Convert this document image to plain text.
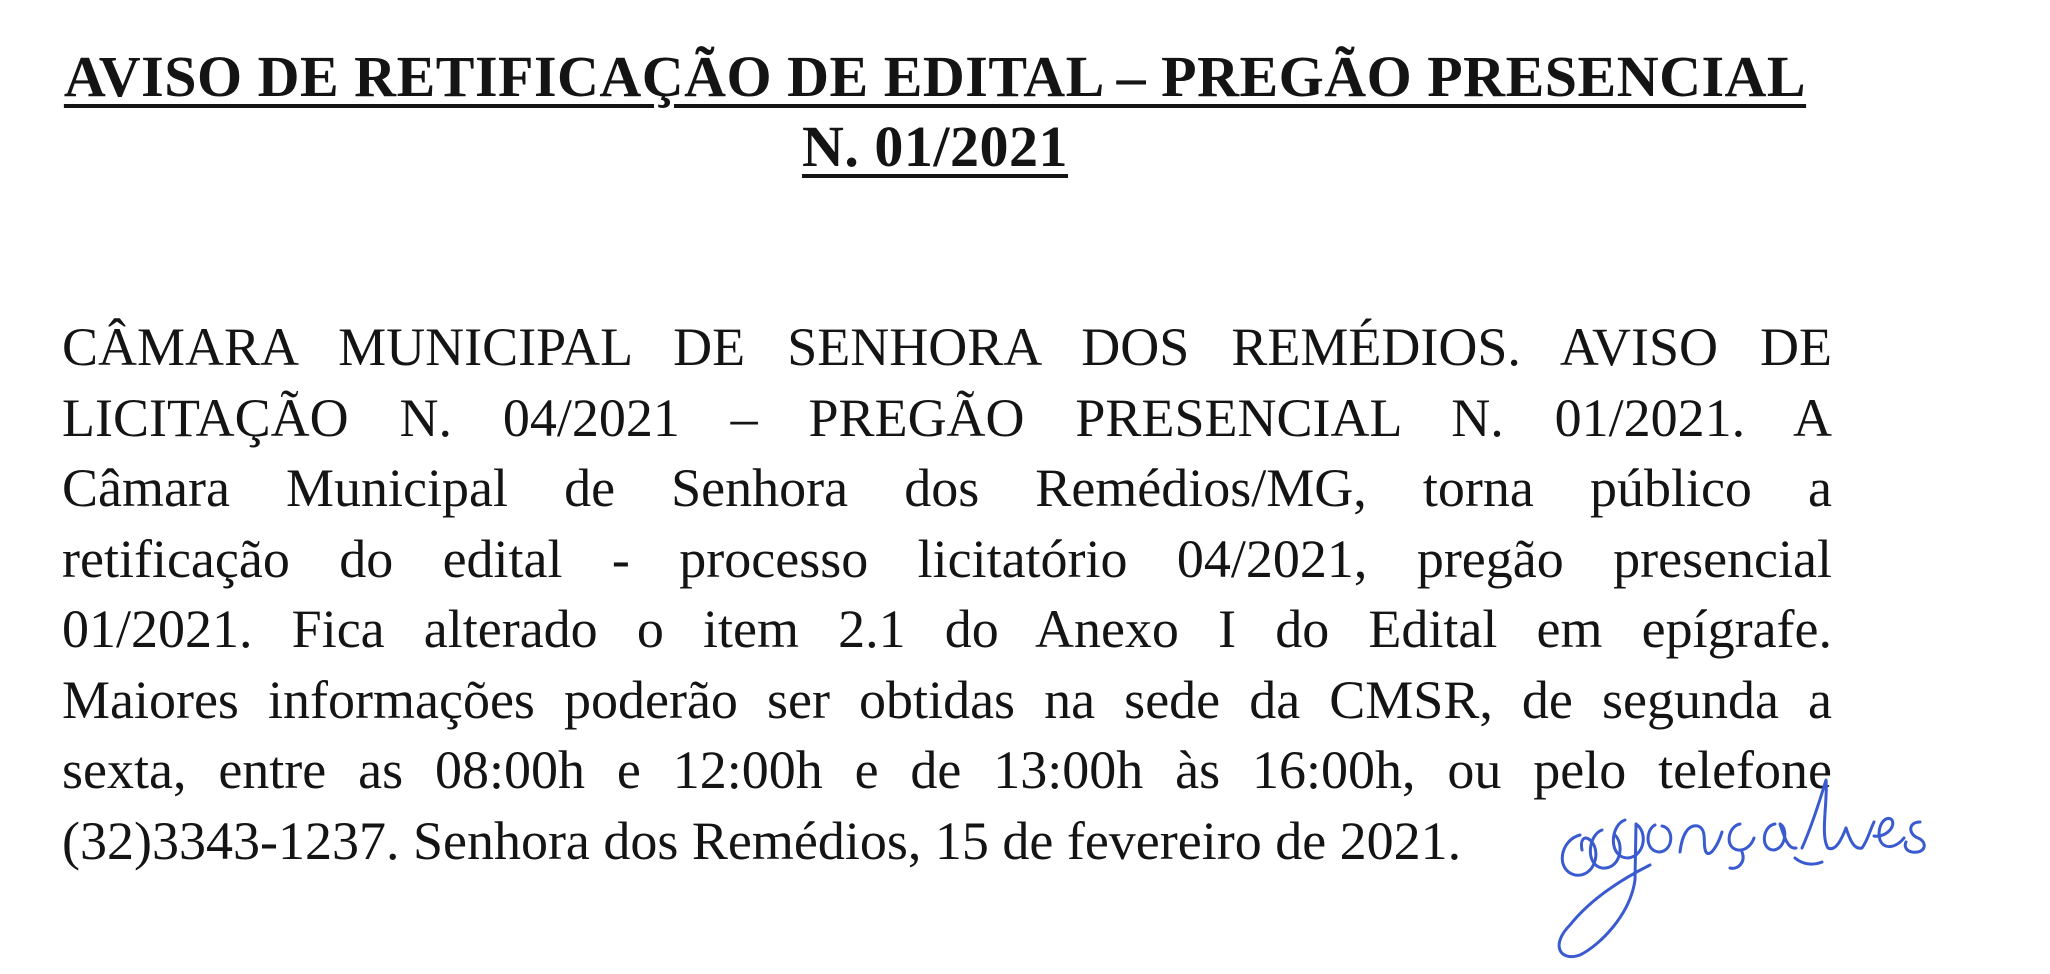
AVISO DE RETIFICAÇÃO DE EDITAL – PREGÃO PRESENCIAL
N. 01/2021
CÂMARA MUNICIPAL DE SENHORA DOS REMÉDIOS. AVISO DE
LICITAÇÃO N. 04/2021 – PREGÃO PRESENCIAL N. 01/2021. A
Câmara Municipal de Senhora dos Remédios/MG, torna público a
retificação do edital - processo licitatório 04/2021, pregão presencial
01/2021. Fica alterado o item 2.1 do Anexo I do Edital em epígrafe.
Maiores informações poderão ser obtidas na sede da CMSR, de segunda a
sexta, entre as 08:00h e 12:00h e de 13:00h às 16:00h, ou pelo telefone
(32)3343-1237. Senhora dos Remédios, 15 de fevereiro de 2021.
